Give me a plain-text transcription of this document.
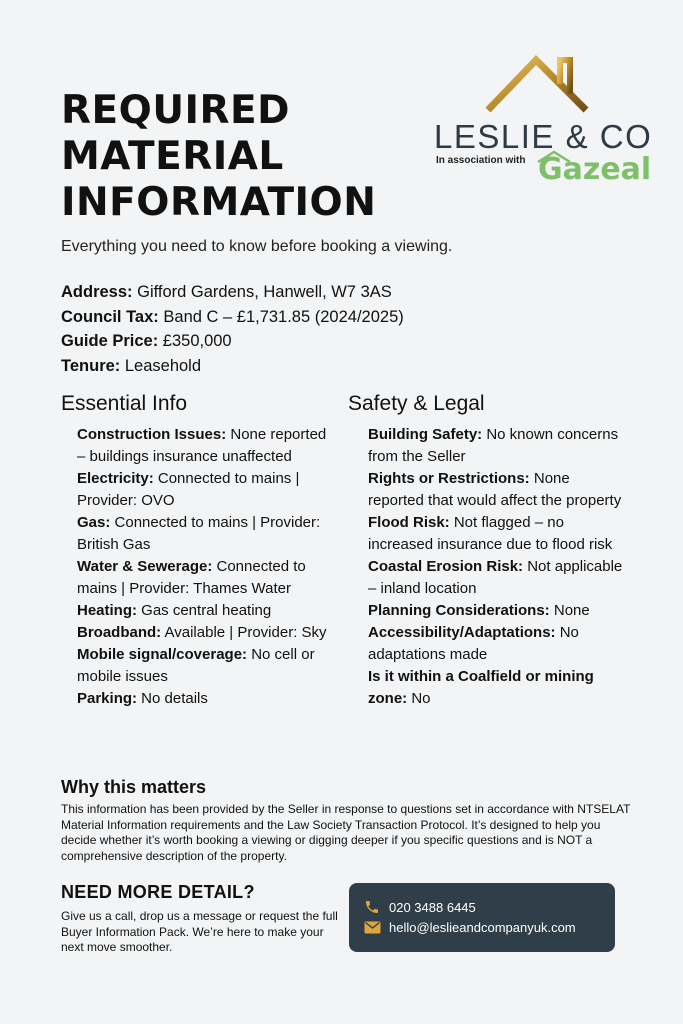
REQUIRED
MATERIAL
INFORMATION
LESLIE & CO
In association with Gazeal

Everything you need to know before booking a viewing.

Address: Gifford Gardens, Hanwell, W7 3AS
Council Tax: Band C – £1,731.85 (2024/2025)
Guide Price: £350,000
Tenure: Leasehold
Essential Info
Construction Issues: None reported – buildings insurance unaffected
Electricity: Connected to mains | Provider: OVO
Gas: Connected to mains | Provider: British Gas
Water & Sewerage: Connected to mains | Provider: Thames Water
Heating: Gas central heating
Broadband: Available | Provider: Sky
Mobile signal/coverage: No cell or mobile issues
Parking: No details
Safety & Legal
Building Safety: No known concerns from the Seller
Rights or Restrictions: None reported that would affect the property
Flood Risk: Not flagged – no increased insurance due to flood risk
Coastal Erosion Risk: Not applicable – inland location
Planning Considerations: None
Accessibility/Adaptations: No adaptations made
Is it within a Coalfield or mining zone: No
Why this matters

This information has been provided by the Seller in response to questions set in accordance with NTSELAT Material Information requirements and the Law Society Transaction Protocol. It’s designed to help you decide whether it’s worth booking a viewing or digging deeper if you specific questions and is NOT a comprehensive description of the property.

NEED MORE DETAIL?

Give us a call, drop us a message or request the full Buyer Information Pack. We’re here to make your next move smoother.

020 3488 6445
hello@leslieandcompanyuk.com
